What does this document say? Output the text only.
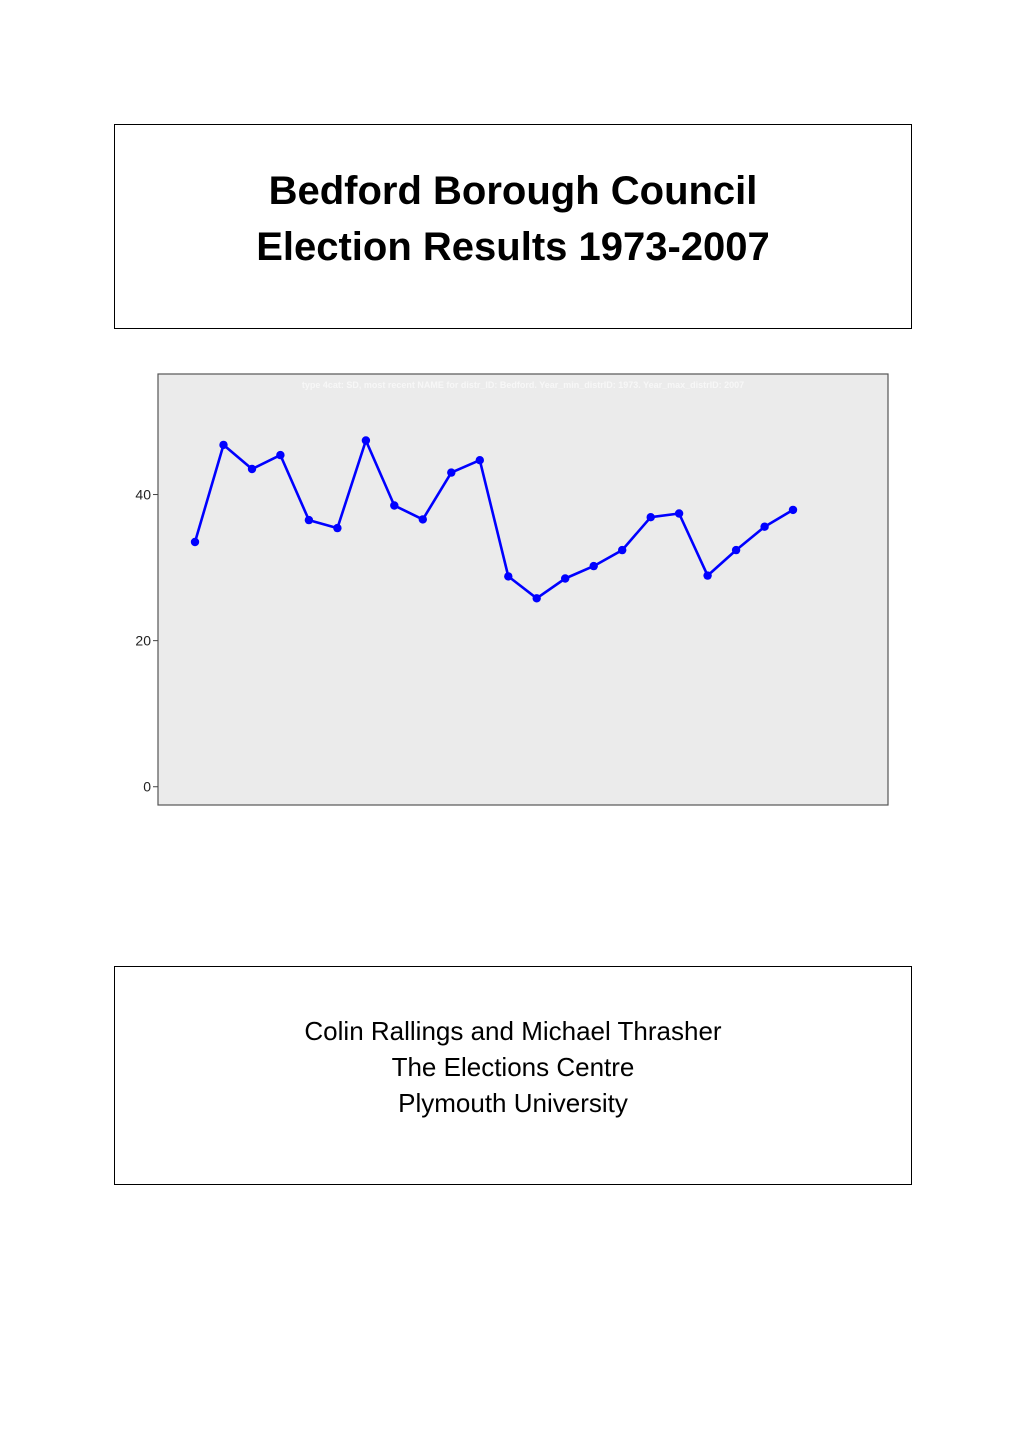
Bedford Borough Council
Election Results 1973-2007
type 4cat: SD, most recent NAME for distr_ID: Bedford. Year_min_distrID: 1973. Year_max_distrID: 2007
0
20
40
Colin Rallings and Michael Thrasher
The Elections Centre
Plymouth University
